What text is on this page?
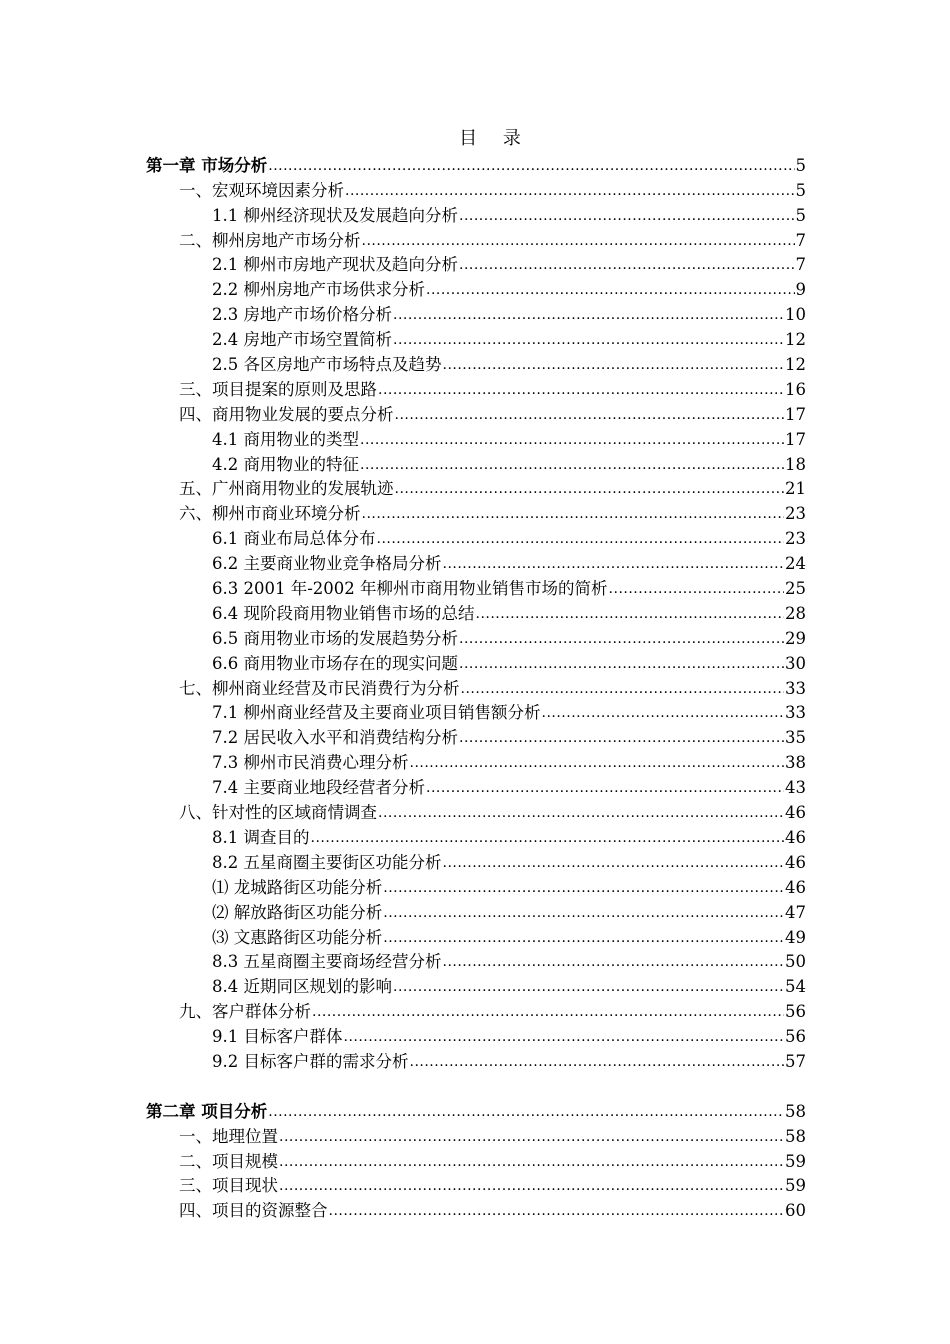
目 录
第一章 市场分析 .....	5
一、宏观环境因素分析 .....	5
1.1 柳州经济现状及发展趋向分析 .....	5
二、柳州房地产市场分析 .....	7
2.1 柳州市房地产现状及趋向分析 .....	7
2.2 柳州房地产市场供求分析 .....	9
2.3 房地产市场价格分析 .....	10
2.4 房地产市场空置简析 .....	12
2.5 各区房地产市场特点及趋势 .....	12
三、项目提案的原则及思路 .....	16
四、商用物业发展的要点分析 .....	17
4.1 商用物业的类型 .....	17
4.2 商用物业的特征 .....	18
五、广州商用物业的发展轨迹 .....	21
六、柳州市商业环境分析 .....	23
6.1 商业布局总体分布 .....	23
6.2 主要商业物业竞争格局分析 .....	24
6.3 2001 年-2002 年柳州市商用物业销售市场的简析 .....	25
6.4 现阶段商用物业销售市场的总结 .....	28
6.5 商用物业市场的发展趋势分析 .....	29
6.6 商用物业市场存在的现实问题 .....	30
七、柳州商业经营及市民消费行为分析 .....	33
7.1 柳州商业经营及主要商业项目销售额分析 .....	33
7.2 居民收入水平和消费结构分析 .....	35
7.3 柳州市民消费心理分析 .....	38
7.4 主要商业地段经营者分析 .....	43
八、针对性的区域商情调查 .....	46
8.1 调查目的 .....	46
8.2 五星商圈主要街区功能分析 .....	46
⑴ 龙城路街区功能分析 .....	46
⑵ 解放路街区功能分析 .....	47
⑶ 文惠路街区功能分析 .....	49
8.3 五星商圈主要商场经营分析 .....	50
8.4 近期同区规划的影响 .....	54
九、客户群体分析 .....	56
9.1 目标客户群体 .....	56
9.2 目标客户群的需求分析 .....	57
第二章 项目分析 .....	58
一、地理位置 .....	58
二、项目规模 .....	59
三、项目现状 .....	59
四、项目的资源整合 .....	60
